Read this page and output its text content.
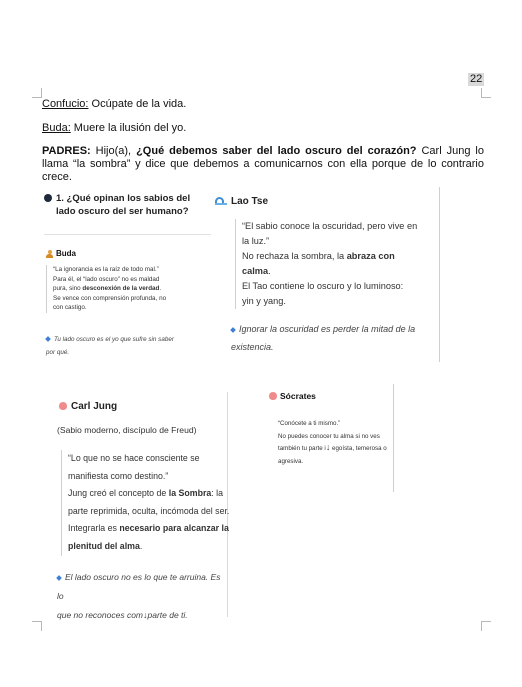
22
Confucio: Ocúpate de la vida.
Buda: Muere la ilusión del yo.
PADRES: Hijo(a), ¿Qué debemos saber del lado oscuro del corazón? Carl Jung lo llama “la sombra” y dice que debemos a comunicarnos con ella porque de lo contrario crece.
1. ¿Qué opinan los sabios del lado oscuro del ser humano?
Buda
“La ignorancia es la raíz de todo mal.”
Para él, el “lado oscuro” no es maldad
pura, sino desconexión de la verdad.
Se vence con comprensión profunda, no
con castigo.
Tu lado oscuro es el yo que sufre sin saber
por qué.
Lao Tse
“El sabio conoce la oscuridad, pero vive en
la luz.”
No rechaza la sombra, la abraza con
calma.
El Tao contiene lo oscuro y lo luminoso:
yin y yang.
Ignorar la oscuridad es perder la mitad de la
existencia.
Carl Jung
(Sabio moderno, discípulo de Freud)
“Lo que no se hace consciente se
manifiesta como destino.”
Jung creó el concepto de la Sombra: la
parte reprimida, oculta, incómoda del ser.
Integrarla es necesario para alcanzar la
plenitud del alma.
El lado oscuro no es lo que te arruina. Es lo
que no reconoces com↓parte de ti.
Sócrates
“Conócete a ti mismo.”
No puedes conocer tu alma si no ves
también tu parte i↓ egoísta, temerosa o
agresiva.
